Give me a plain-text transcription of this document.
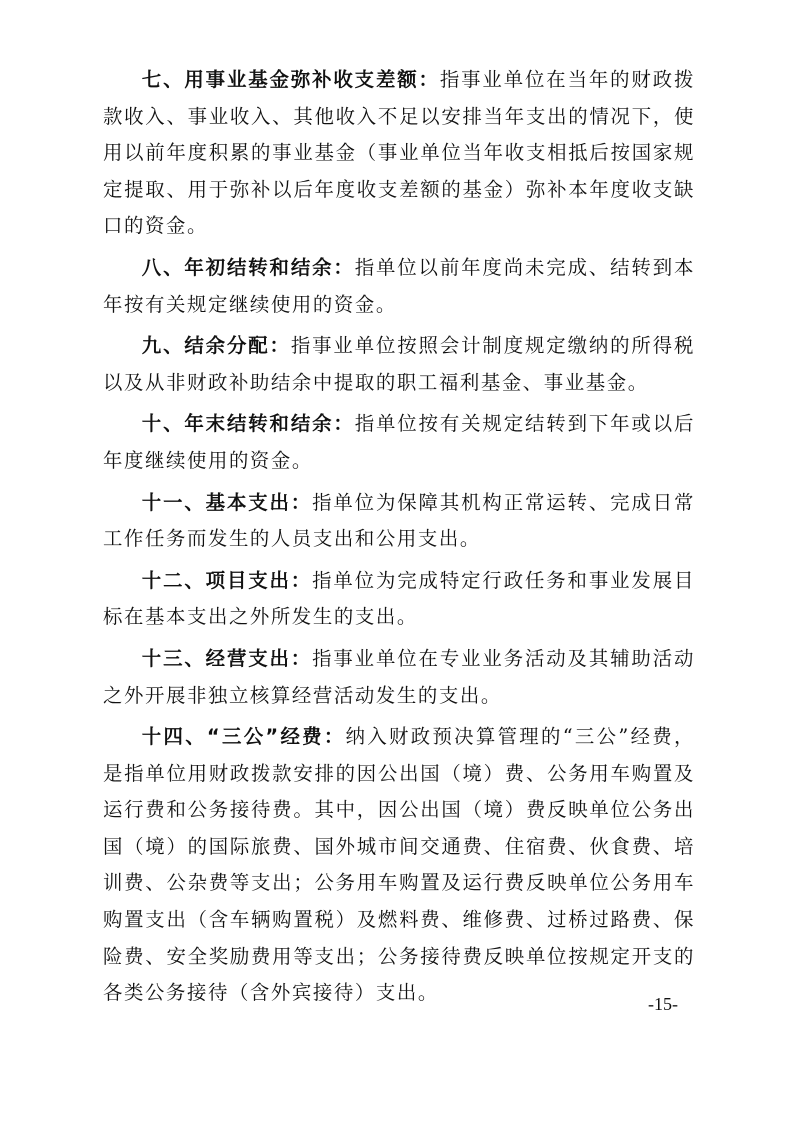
七、用事业基金弥补收支差额：指事业单位在当年的财政拨款收入、事业收入、其他收入不足以安排当年支出的情况下，使用以前年度积累的事业基金（事业单位当年收支相抵后按国家规定提取、用于弥补以后年度收支差额的基金）弥补本年度收支缺口的资金。

八、年初结转和结余：指单位以前年度尚未完成、结转到本年按有关规定继续使用的资金。

九、结余分配：指事业单位按照会计制度规定缴纳的所得税以及从非财政补助结余中提取的职工福利基金、事业基金。

十、年末结转和结余：指单位按有关规定结转到下年或以后年度继续使用的资金。

十一、基本支出：指单位为保障其机构正常运转、完成日常工作任务而发生的人员支出和公用支出。

十二、项目支出：指单位为完成特定行政任务和事业发展目标在基本支出之外所发生的支出。

十三、经营支出：指事业单位在专业业务活动及其辅助活动之外开展非独立核算经营活动发生的支出。

十四、“三公”经费：纳入财政预决算管理的“三公”经费，是指单位用财政拨款安排的因公出国（境）费、公务用车购置及运行费和公务接待费。其中，因公出国（境）费反映单位公务出国（境）的国际旅费、国外城市间交通费、住宿费、伙食费、培训费、公杂费等支出；公务用车购置及运行费反映单位公务用车购置支出（含车辆购置税）及燃料费、维修费、过桥过路费、保险费、安全奖励费用等支出；公务接待费反映单位按规定开支的各类公务接待（含外宾接待）支出。	-15-
